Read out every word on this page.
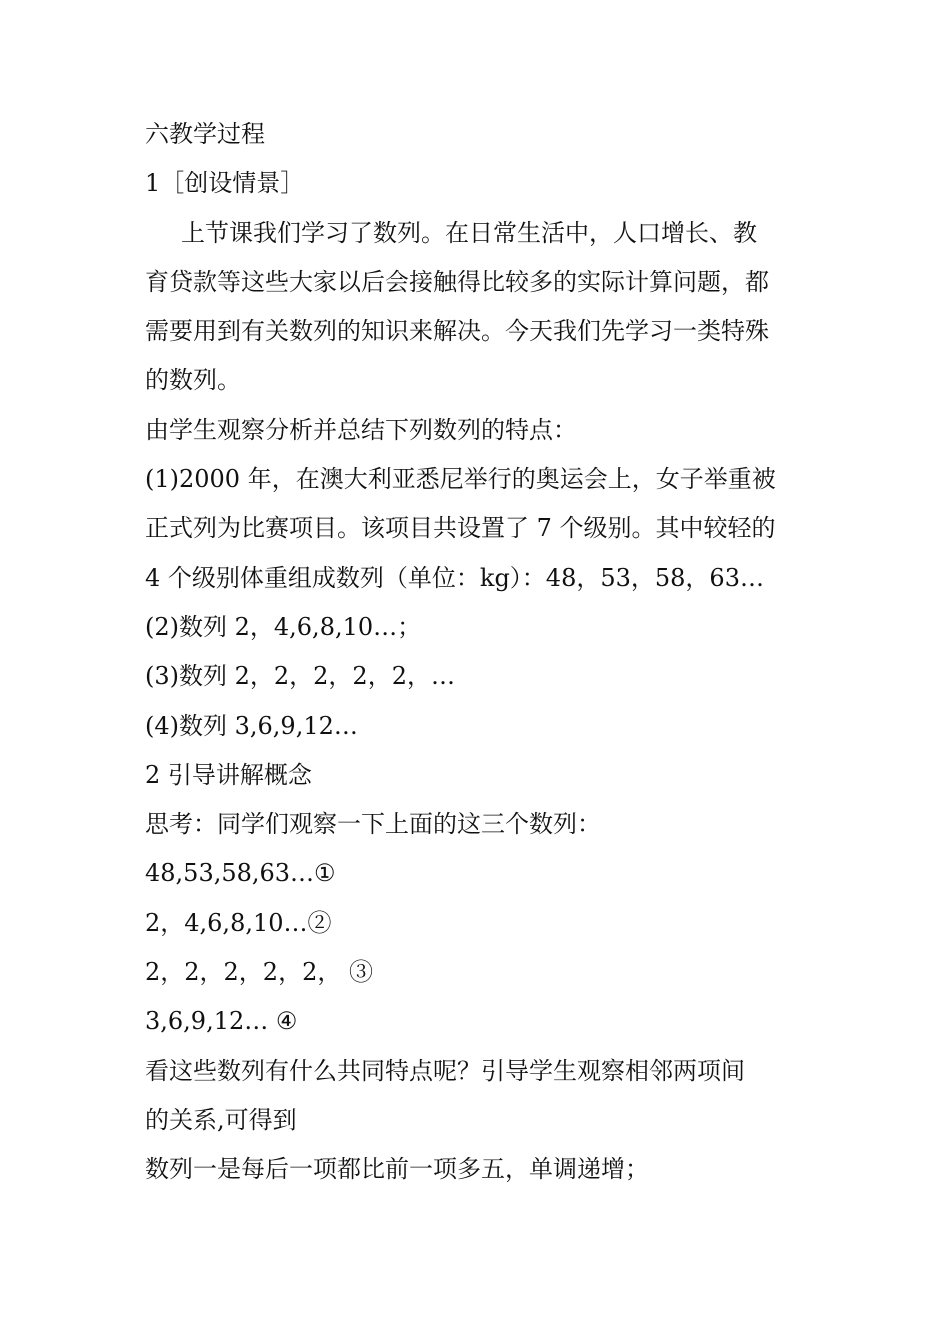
六教学过程
1［创设情景］
上节课我们学习了数列。在日常生活中，人口增长、教
育贷款等这些大家以后会接触得比较多的实际计算问题，都
需要用到有关数列的知识来解决。今天我们先学习一类特殊
的数列。
由学生观察分析并总结下列数列的特点：
(1)2000 年，在澳大利亚悉尼举行的奥运会上，女子举重被
正式列为比赛项目。该项目共设置了 7 个级别。其中较轻的
4 个级别体重组成数列（单位：kg）：48，53，58，63…
(2)数列 2，4,6,8,10…；
(3)数列 2，2，2，2，2，…
(4)数列 3,6,9,12…
2 引导讲解概念
思考：同学们观察一下上面的这三个数列：
48,53,58,63…①
2，4,6,8,10…②
2，2，2，2，2， ③
3,6,9,12… ④
看这些数列有什么共同特点呢？引导学生观察相邻两项间
的关系,可得到
数列一是每后一项都比前一项多五，单调递增；
